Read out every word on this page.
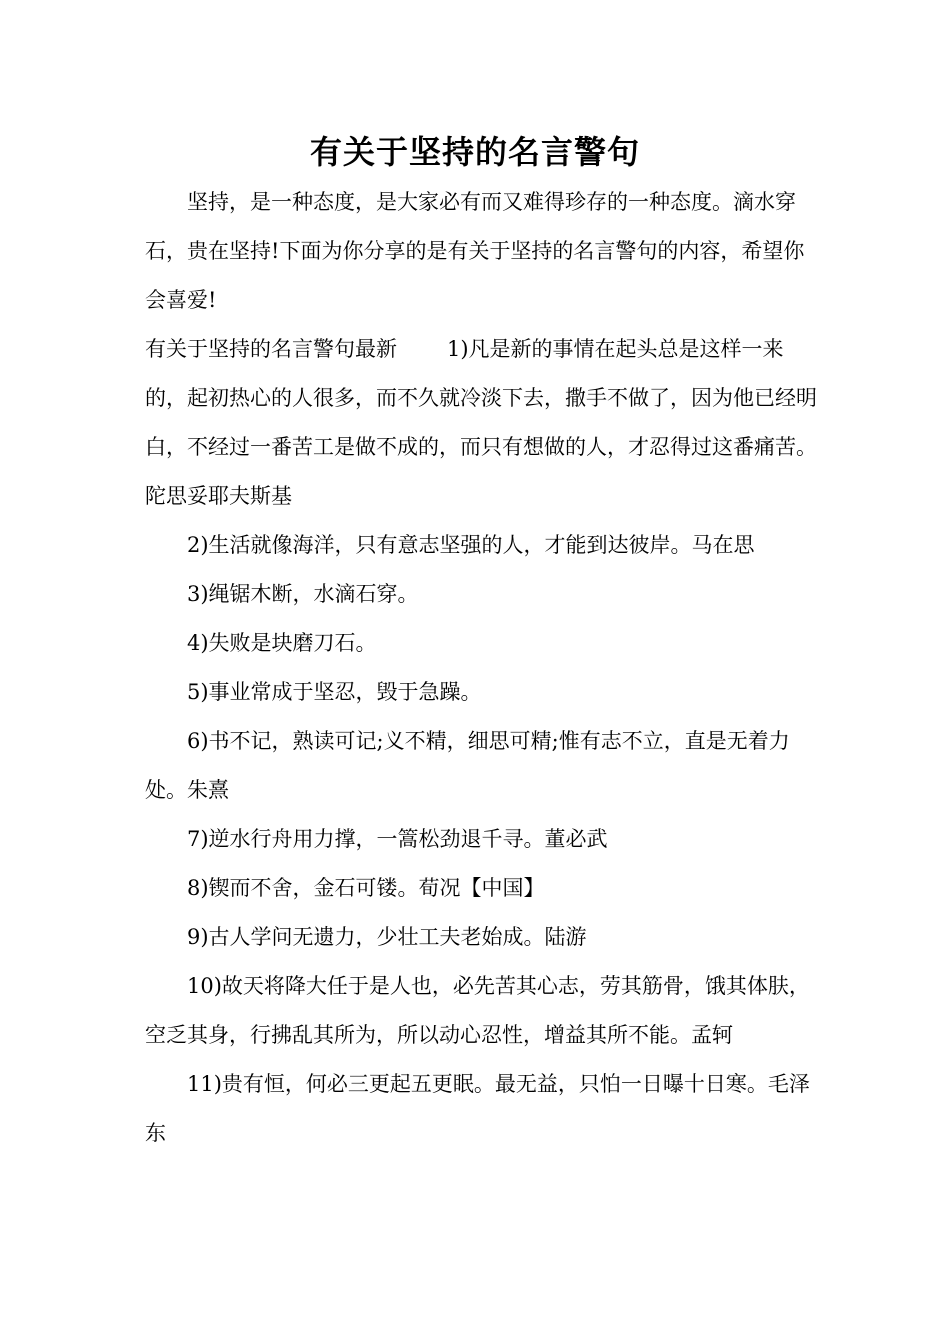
有关于坚持的名言警句

坚持，是一种态度，是大家必有而又难得珍存的一种态度。滴水穿石，贵在坚持!下面为你分享的是有关于坚持的名言警句的内容，希望你会喜爱!

有关于坚持的名言警句最新 1)凡是新的事情在起头总是这样一来的，起初热心的人很多，而不久就冷淡下去，撒手不做了，因为他已经明白，不经过一番苦工是做不成的，而只有想做的人，才忍得过这番痛苦。陀思妥耶夫斯基

2)生活就像海洋，只有意志坚强的人，才能到达彼岸。马在思

3)绳锯木断，水滴石穿。

4)失败是块磨刀石。

5)事业常成于坚忍，毁于急躁。

6)书不记，熟读可记;义不精，细思可精;惟有志不立，直是无着力处。朱熹

7)逆水行舟用力撑，一篙松劲退千寻。董必武

8)锲而不舍，金石可镂。荀况【中国】

9)古人学问无遗力，少壮工夫老始成。陆游

10)故天将降大任于是人也，必先苦其心志，劳其筋骨，饿其体肤，空乏其身，行拂乱其所为，所以动心忍性，增益其所不能。孟轲

11)贵有恒，何必三更起五更眠。最无益，只怕一日曝十日寒。毛泽东
